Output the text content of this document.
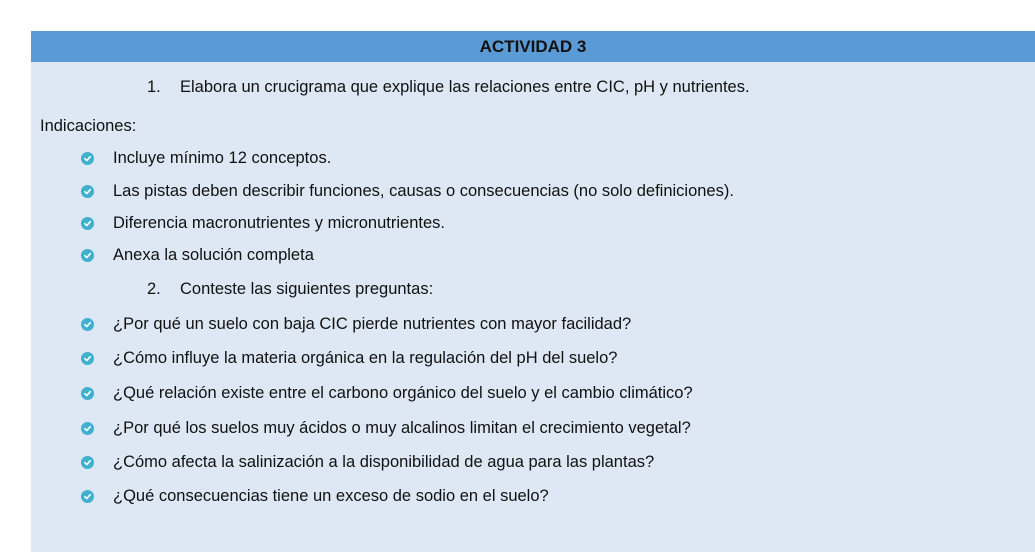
ACTIVIDAD 3
1. Elabora un crucigrama que explique las relaciones entre CIC, pH y nutrientes.
Indicaciones:
Incluye mínimo 12 conceptos.
Las pistas deben describir funciones, causas o consecuencias (no solo definiciones).
Diferencia macronutrientes y micronutrientes.
Anexa la solución completa
2. Conteste las siguientes preguntas:
¿Por qué un suelo con baja CIC pierde nutrientes con mayor facilidad?
¿Cómo influye la materia orgánica en la regulación del pH del suelo?
¿Qué relación existe entre el carbono orgánico del suelo y el cambio climático?
¿Por qué los suelos muy ácidos o muy alcalinos limitan el crecimiento vegetal?
¿Cómo afecta la salinización a la disponibilidad de agua para las plantas?
¿Qué consecuencias tiene un exceso de sodio en el suelo?
